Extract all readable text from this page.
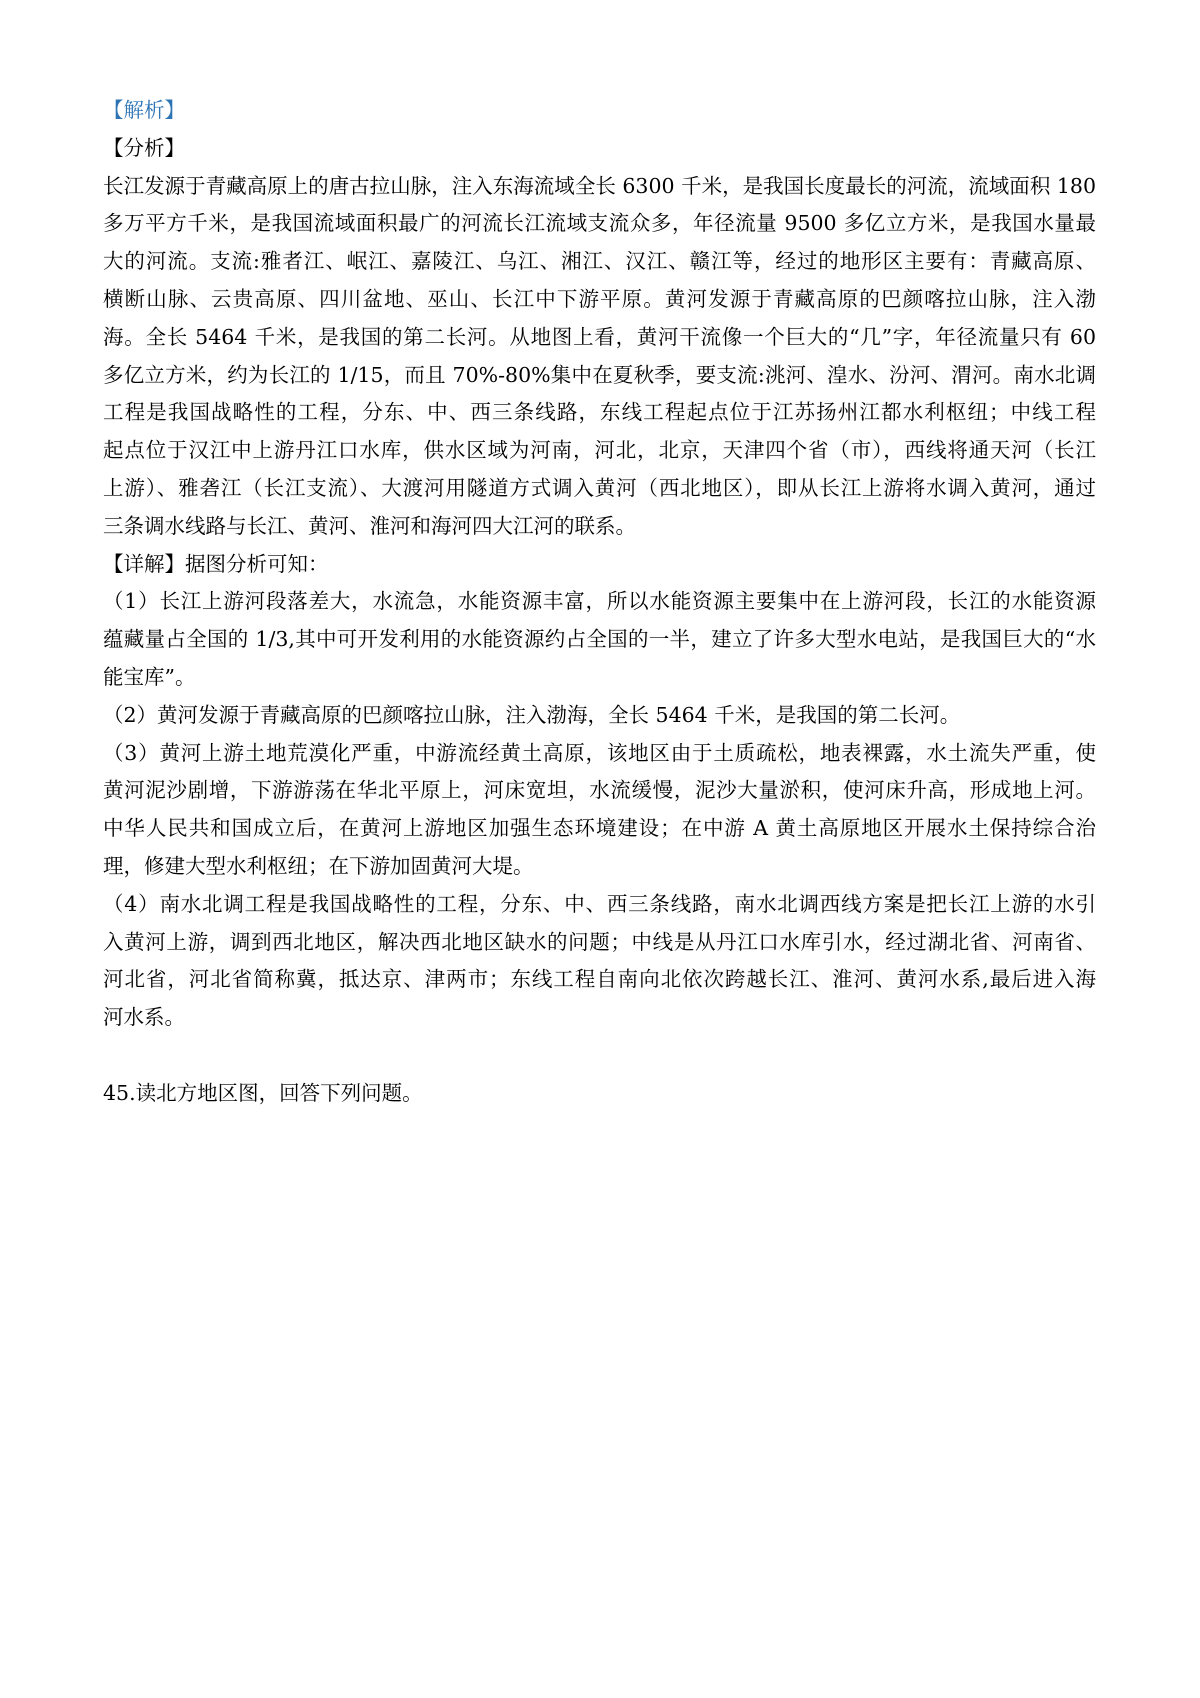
【解析】

【分析】

长江发源于青藏高原上的唐古拉山脉，注入东海流域全长 6300 千米，是我国长度最长的河流，流域面积 180

多万平方千米，是我国流域面积最广的河流长江流域支流众多，年径流量 9500 多亿立方米，是我国水量最

大的河流。支流:雅者江、岷江、嘉陵江、乌江、湘江、汉江、赣江等，经过的地形区主要有：青藏高原、

横断山脉、云贵高原、四川盆地、巫山、长江中下游平原。黄河发源于青藏高原的巴颜喀拉山脉，注入渤

海。全长 5464 千米，是我国的第二长河。从地图上看，黄河干流像一个巨大的“几”字，年径流量只有 60

多亿立方米，约为长江的 1/15，而且 70%-80%集中在夏秋季，要支流:洮河、湟水、汾河、渭河。南水北调

工程是我国战略性的工程，分东、中、西三条线路，东线工程起点位于江苏扬州江都水利枢纽；中线工程

起点位于汉江中上游丹江口水库，供水区域为河南，河北，北京，天津四个省（市），西线将通天河（长江

上游）、雅砻江（长江支流）、大渡河用隧道方式调入黄河（西北地区），即从长江上游将水调入黄河，通过

三条调水线路与长江、黄河、淮河和海河四大江河的联系。

【详解】据图分析可知：

（1）长江上游河段落差大，水流急，水能资源丰富，所以水能资源主要集中在上游河段，长江的水能资源

蕴藏量占全国的 1/3,其中可开发利用的水能资源约占全国的一半，建立了许多大型水电站，是我国巨大的“水

能宝库”。

（2）黄河发源于青藏高原的巴颜喀拉山脉，注入渤海，全长 5464 千米，是我国的第二长河。

（3）黄河上游土地荒漠化严重，中游流经黄土高原，该地区由于土质疏松，地表裸露，水土流失严重，使

黄河泥沙剧增，下游游荡在华北平原上，河床宽坦，水流缓慢，泥沙大量淤积，使河床升高，形成地上河。

中华人民共和国成立后，在黄河上游地区加强生态环境建设；在中游 A 黄土高原地区开展水土保持综合治

理，修建大型水利枢纽；在下游加固黄河大堤。

（4）南水北调工程是我国战略性的工程，分东、中、西三条线路，南水北调西线方案是把长江上游的水引

入黄河上游，调到西北地区，解决西北地区缺水的问题；中线是从丹江口水库引水，经过湖北省、河南省、

河北省，河北省简称冀，抵达京、津两市；东线工程自南向北依次跨越长江、淮河、黄河水系,最后进入海

河水系。

45.读北方地区图，回答下列问题。
